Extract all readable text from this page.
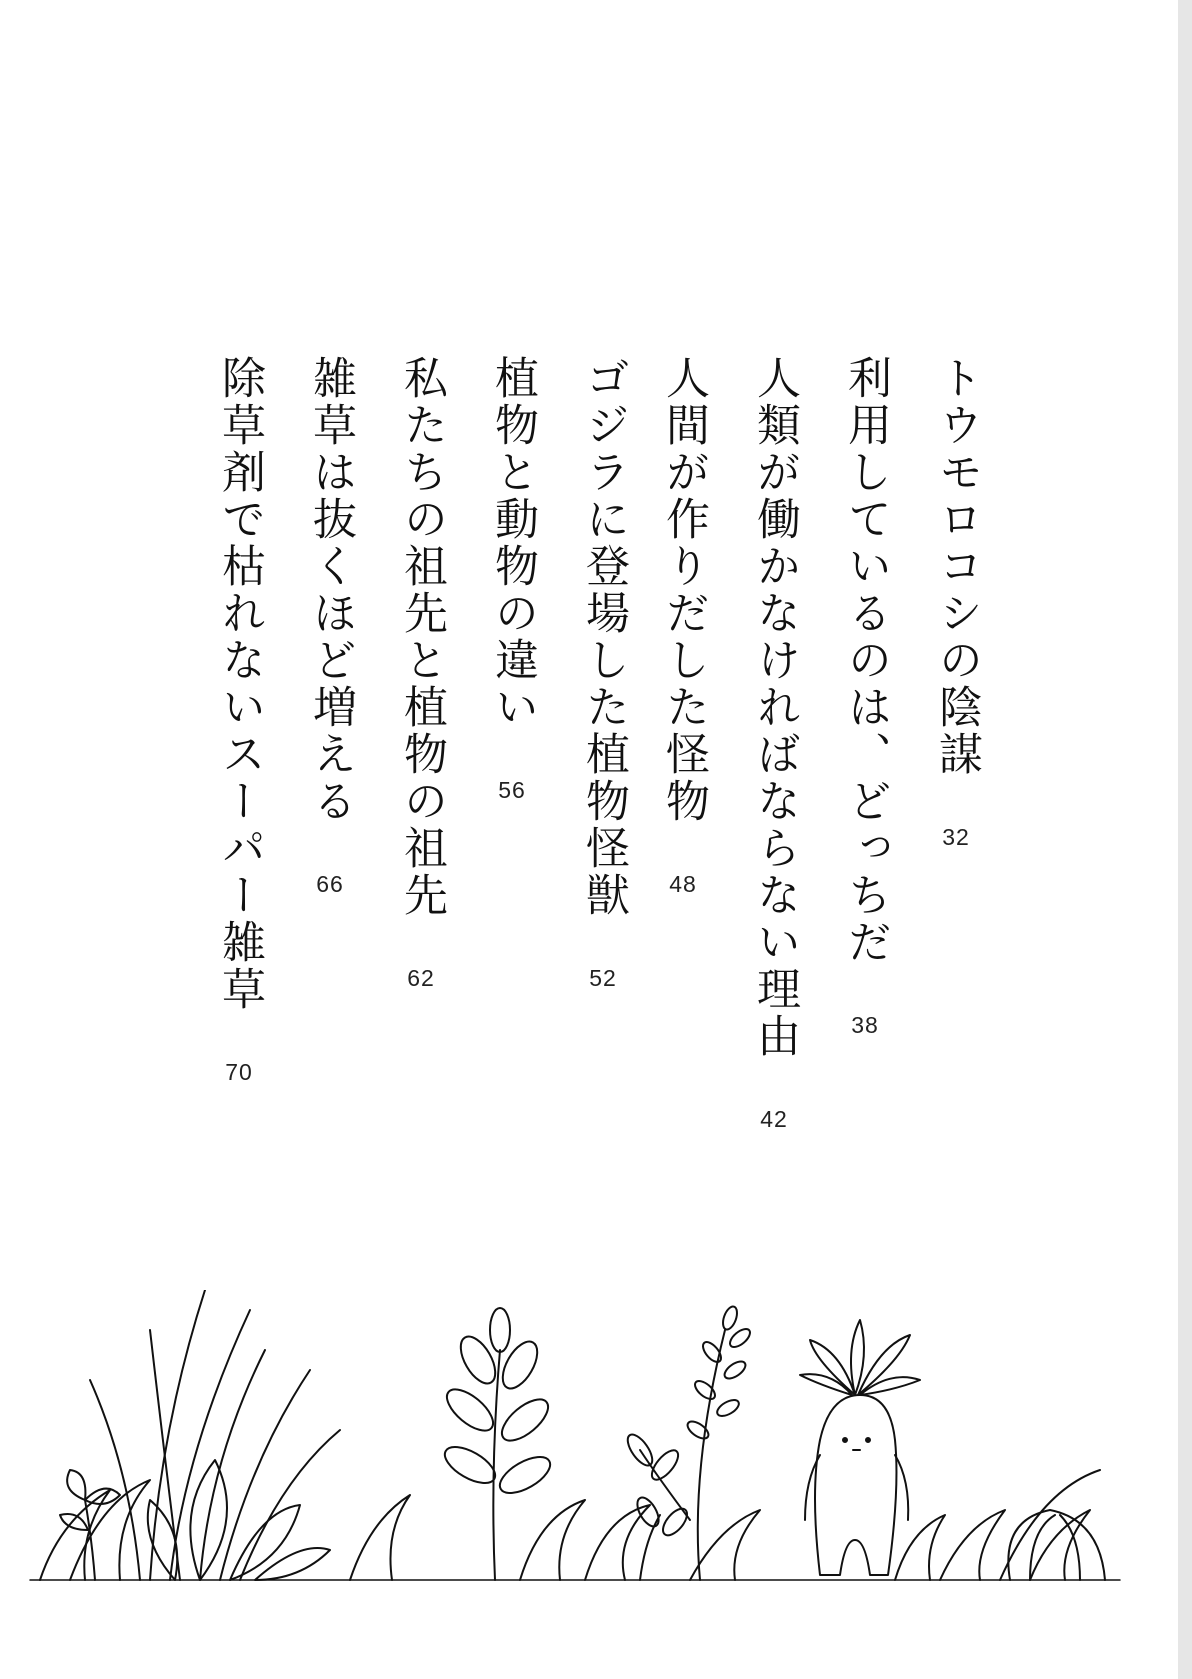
トウモロコシの陰謀
32
利用しているのは、どっちだ
38
人類が働かなければならない理由
42
人間が作りだした怪物
48
ゴジラに登場した植物怪獣
52
植物と動物の違い
56
私たちの祖先と植物の祖先
62
雑草は抜くほど増える
66
除草剤で枯れないスーパー雑草
70
